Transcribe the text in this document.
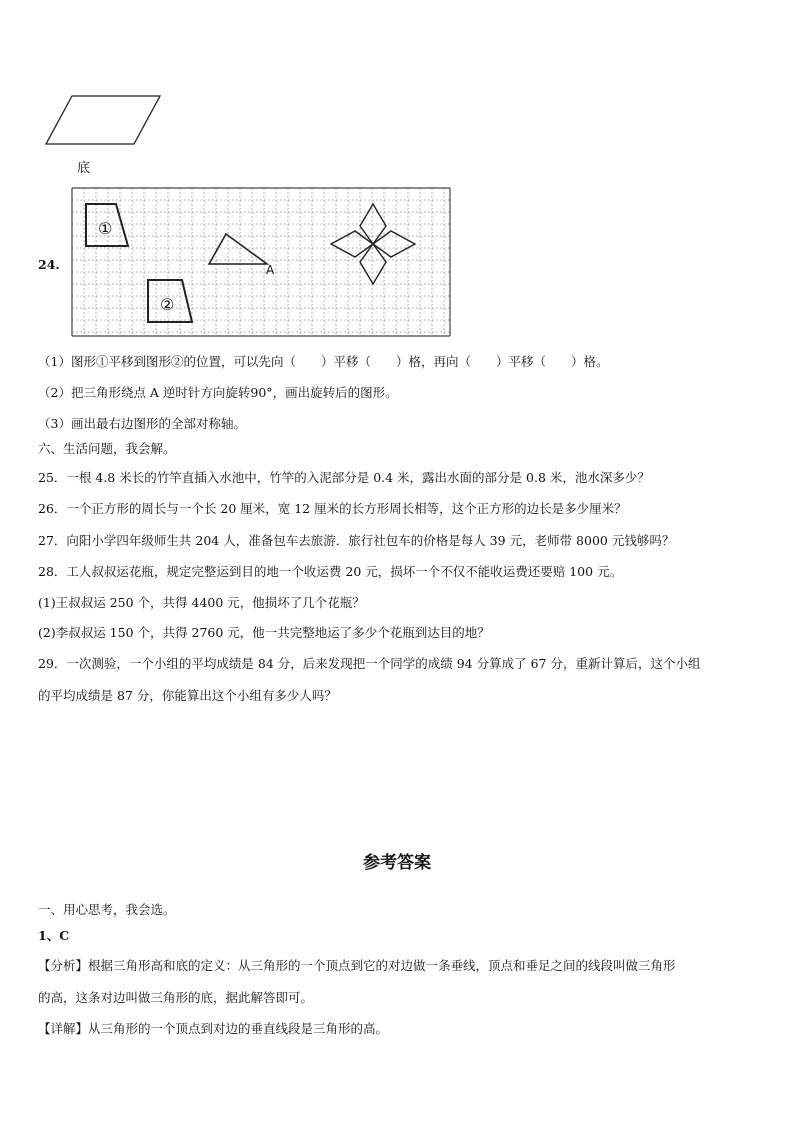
底
24.
①
②
A
（1）图形①平移到图形②的位置，可以先向（　　）平移（　　）格，再向（　　）平移（　　）格。
（2）把三角形绕点 A 逆时针方向旋转90°，画出旋转后的图形。
（3）画出最右边图形的全部对称轴。
六、生活问题，我会解。
25．一根 4.8 米长的竹竿直插入水池中，竹竿的入泥部分是 0.4 米，露出水面的部分是 0.8 米，池水深多少？
26．一个正方形的周长与一个长 20 厘米，宽 12 厘米的长方形周长相等，这个正方形的边长是多少厘米？
27．向阳小学四年级师生共 204 人，准备包车去旅游．旅行社包车的价格是每人 39 元，老师带 8000 元钱够吗？
28．工人叔叔运花瓶，规定完整运到目的地一个收运费 20 元，损坏一个不仅不能收运费还要赔 100 元。
(1)王叔叔运 250 个，共得 4400 元，他损坏了几个花瓶？
(2)李叔叔运 150 个，共得 2760 元，他一共完整地运了多少个花瓶到达目的地？
29．一次测验，一个小组的平均成绩是 84 分，后来发现把一个同学的成绩 94 分算成了 67 分，重新计算后，这个小组
的平均成绩是 87 分，你能算出这个小组有多少人吗？
参考答案
一、用心思考，我会选。
1、C
【分析】根据三角形高和底的定义：从三角形的一个顶点到它的对边做一条垂线，顶点和垂足之间的线段叫做三角形
的高，这条对边叫做三角形的底，据此解答即可。
【详解】从三角形的一个顶点到对边的垂直线段是三角形的高。
